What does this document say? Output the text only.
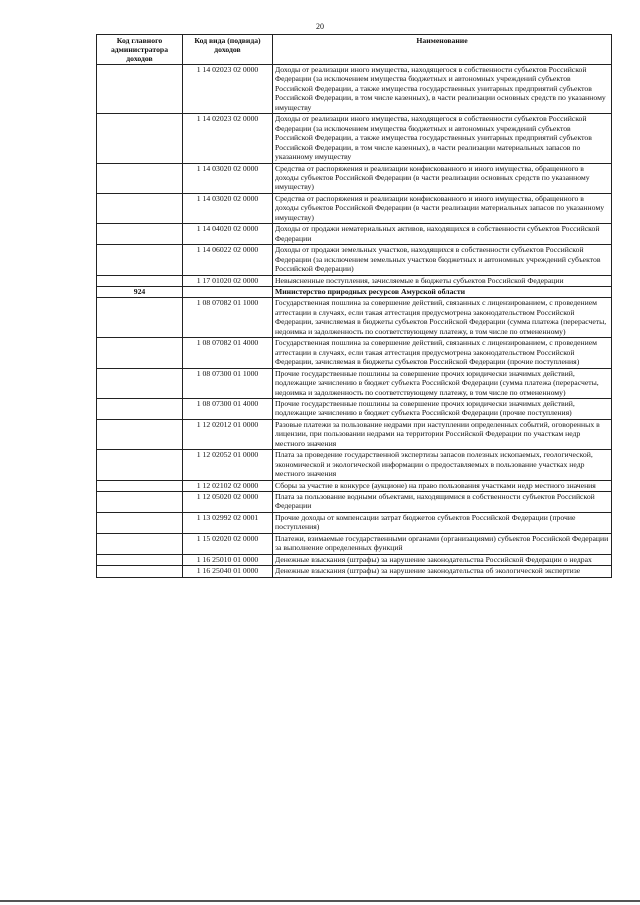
20
Код главного администратора доходов	Код вида (подвида) доходов	Наименование
	1 14 02023 02 0000	Доходы от реализации иного имущества, находящегося в собственности субъектов Российской Федерации (за исключением имущества бюджетных и автономных учреждений субъектов Российской Федерации, а также имущества государственных унитарных предприятий субъектов Российской Федерации, в том числе казенных), в части реализации основных средств по указанному имуществу
	1 14 02023 02 0000	Доходы от реализации иного имущества, находящегося в собственности субъектов Российской Федерации (за исключением имущества бюджетных и автономных учреждений субъектов Российской Федерации, а также имущества государственных унитарных предприятий субъектов Российской Федерации, в том числе казенных), в части реализации материальных запасов по указанному имуществу
	1 14 03020 02 0000	Средства от распоряжения и реализации конфискованного и иного имущества, обращенного в доходы субъектов Российской Федерации (в части реализации основных средств по указанному имуществу)
	1 14 03020 02 0000	Средства от распоряжения и реализации конфискованного и иного имущества, обращенного в доходы субъектов Российской Федерации (в части реализации материальных запасов по указанному имуществу)
	1 14 04020 02 0000	Доходы от продажи нематериальных активов, находящихся в собственности субъектов Российской Федерации
	1 14 06022 02 0000	Доходы от продажи земельных участков, находящихся в собственности субъектов Российской Федерации (за исключением земельных участков бюджетных и автономных учреждений субъектов Российской Федерации)
	1 17 01020 02 0000	Невыясненные поступления, зачисляемые в бюджеты субъектов Российской Федерации
924		Министерство природных ресурсов Амурской области
	1 08 07082 01 1000	Государственная пошлина за совершение действий, связанных с лицензированием, с проведением аттестации в случаях, если такая аттестация предусмотрена законодательством Российской Федерации, зачисляемая в бюджеты субъектов Российской Федерации (сумма платежа (перерасчеты, недоимка и задолженность по соответствующему платежу, в том числе по отмененному)
	1 08 07082 01 4000	Государственная пошлина за совершение действий, связанных с лицензированием, с проведением аттестации в случаях, если такая аттестация предусмотрена законодательством Российской Федерации, зачисляемая в бюджеты субъектов Российской Федерации (прочие поступления)
	1 08 07300 01 1000	Прочие государственные пошлины за совершение прочих юридически значимых действий, подлежащие зачислению в бюджет субъекта Российской Федерации (сумма платежа (перерасчеты, недоимка и задолженность по соответствующему платежу, в том числе по отмененному)
	1 08 07300 01 4000	Прочие государственные пошлины за совершение прочих юридически значимых действий, подлежащие зачислению в бюджет субъекта Российской Федерации (прочие поступления)
	1 12 02012 01 0000	Разовые платежи за пользование недрами при наступлении определенных событий, оговоренных в лицензии, при пользовании недрами на территории Российской Федерации по участкам недр местного значения
	1 12 02052 01 0000	Плата за проведение государственной экспертизы запасов полезных ископаемых, геологической, экономической и экологической информации о предоставляемых в пользование участках недр местного значения
	1 12 02102 02 0000	Сборы за участие в конкурсе (аукционе) на право пользования участками недр местного значения
	1 12 05020 02 0000	Плата за пользование водными объектами, находящимися в собственности субъектов Российской Федерации
	1 13 02992 02 0001	Прочие доходы от компенсации затрат бюджетов субъектов Российской Федерации (прочие поступления)
	1 15 02020 02 0000	Платежи, взимаемые государственными органами (организациями) субъектов Российской Федерации за выполнение определенных функций
	1 16 25010 01 0000	Денежные взыскания (штрафы) за нарушение законодательства Российской Федерации о недрах
	1 16 25040 01 0000	Денежные взыскания (штрафы) за нарушение законодательства об экологической экспертизе
